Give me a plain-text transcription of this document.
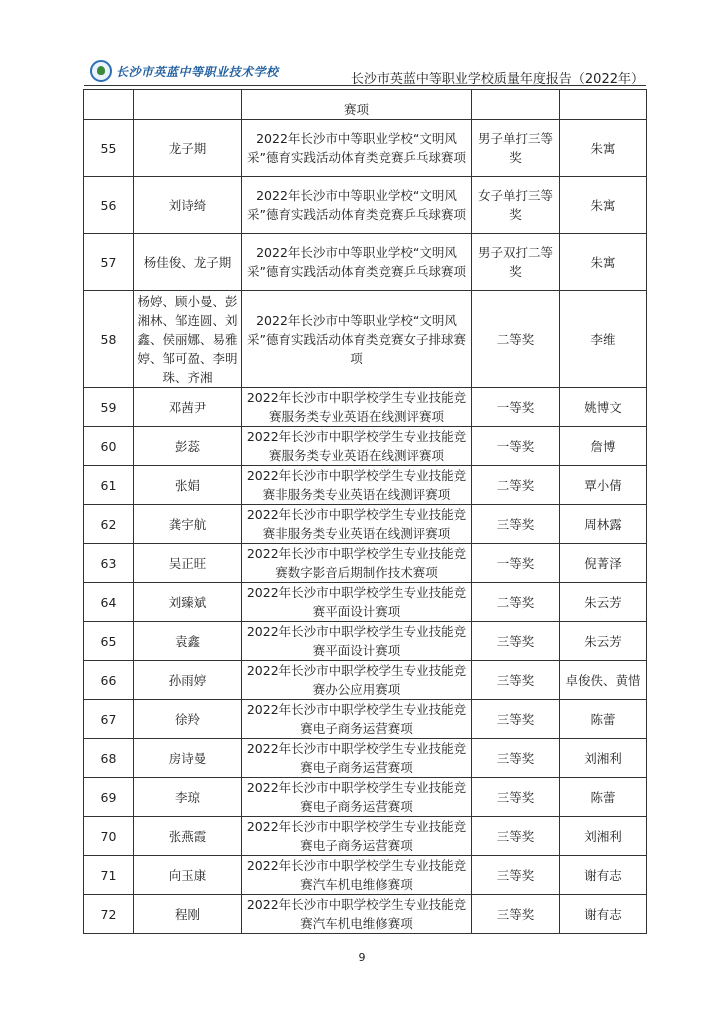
长沙市英蓝中等职业技术学校
长沙市英蓝中等职业学校质量年度报告（2022年）
		赛项		
55	龙子期	2022年长沙市中等职业学校“文明风采”德育实践活动体育类竞赛乒乓球赛项	男子单打三等奖	朱寓
56	刘诗绮	2022年长沙市中等职业学校“文明风采”德育实践活动体育类竞赛乒乓球赛项	女子单打三等奖	朱寓
57	杨佳俊、龙子期	2022年长沙市中等职业学校“文明风采”德育实践活动体育类竞赛乒乓球赛项	男子双打二等奖	朱寓
58	杨婷、顾小曼、彭湘林、邹连圆、刘鑫、侯丽娜、易雅婷、邹可盈、李明珠、齐湘	2022年长沙市中等职业学校“文明风采”德育实践活动体育类竞赛女子排球赛项	二等奖	李维
59	邓茜尹	2022年长沙市中职学校学生专业技能竞赛服务类专业英语在线测评赛项	一等奖	姚博文
60	彭蕊	2022年长沙市中职学校学生专业技能竞赛服务类专业英语在线测评赛项	一等奖	詹博
61	张娟	2022年长沙市中职学校学生专业技能竞赛非服务类专业英语在线测评赛项	二等奖	覃小倩
62	龚宇航	2022年长沙市中职学校学生专业技能竞赛非服务类专业英语在线测评赛项	三等奖	周林露
63	吴正旺	2022年长沙市中职学校学生专业技能竞赛数字影音后期制作技术赛项	一等奖	倪菁泽
64	刘臻斌	2022年长沙市中职学校学生专业技能竞赛平面设计赛项	二等奖	朱云芳
65	袁鑫	2022年长沙市中职学校学生专业技能竞赛平面设计赛项	三等奖	朱云芳
66	孙雨婷	2022年长沙市中职学校学生专业技能竞赛办公应用赛项	三等奖	卓俊佚、黄惜
67	徐羚	2022年长沙市中职学校学生专业技能竞赛电子商务运营赛项	三等奖	陈蕾
68	房诗曼	2022年长沙市中职学校学生专业技能竞赛电子商务运营赛项	三等奖	刘湘利
69	李琼	2022年长沙市中职学校学生专业技能竞赛电子商务运营赛项	三等奖	陈蕾
70	张燕霞	2022年长沙市中职学校学生专业技能竞赛电子商务运营赛项	三等奖	刘湘利
71	向玉康	2022年长沙市中职学校学生专业技能竞赛汽车机电维修赛项	三等奖	谢有志
72	程刚	2022年长沙市中职学校学生专业技能竞赛汽车机电维修赛项	三等奖	谢有志
9
